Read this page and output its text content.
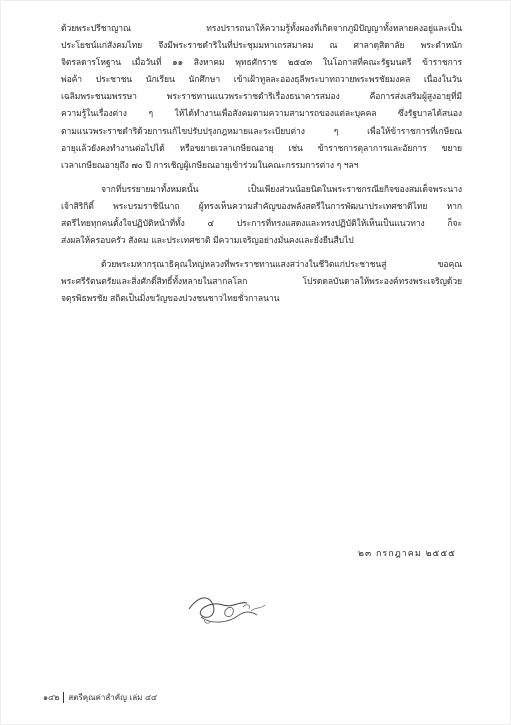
ด้วยพระปรีชาญาณ ทรงปรารถนาให้ความรู้ทั้งผองที่เกิดจากภูมิปัญญาทั้งหลายคงอยู่และเป็น
ประโยชน์แก่สังคมไทย จึงมีพระราชดำริในที่ประชุมมหาเถรสมาคม ณ ศาลาดุสิดาลัย พระตำหนัก
จิตรลดารโหฐาน เมื่อวันที่ ๑๑ สิงหาคม พุทธศักราช ๒๕๔๓ ในโอกาสที่คณะรัฐมนตรี ข้าราชการ
พ่อค้า ประชาชน นักเรียน นักศึกษา เข้าเฝ้าทูลละอองธุลีพระบาทถวายพระพรชัยมงคล เนื่องในวัน
เฉลิมพระชนมพรรษา พระราชทานแนวพระราชดำริเรื่องธนาคารสมอง คือการส่งเสริมผู้สูงอายุที่มี
ความรู้ในเรื่องต่าง ๆ ให้ได้ทำงานเพื่อสังคมตามความสามารถของแต่ละบุคคล ซึ่งรัฐบาลได้สนอง
ตามแนวพระราชดำริด้วยการแก้ไขปรับปรุงกฎหมายและระเบียบต่าง ๆ เพื่อให้ข้าราชการที่เกษียณ
อายุแล้วยังคงทำงานต่อไปได้ หรือขยายเวลาเกษียณอายุ เช่น ข้าราชการตุลาการและอัยการ ขยาย
เวลาเกษียณอายุถึง ๗๐ ปี การเชิญผู้เกษียณอายุเข้าร่วมในคณะกรรมการต่าง ๆ ฯลฯ
จากที่บรรยายมาทั้งหมดนั้น เป็นเพียงส่วนน้อยนิดในพระราชกรณียกิจของสมเด็จพระนาง
เจ้าสิริกิติ์ พระบรมราชินีนาถ ผู้ทรงเห็นความสำคัญของพลังสตรีในการพัฒนาประเทศชาติไทย หาก
สตรีไทยทุกคนตั้งใจปฏิบัติหน้าที่ทั้ง ๔ ประการที่ทรงแสดงและทรงปฏิบัติให้เห็นเป็นแนวทาง ก็จะ
ส่งผลให้ครอบครัว สังคม และประเทศชาติ มีความเจริญอย่างมั่นคงและยั่งยืนสืบไป
ด้วยพระมหากรุณาธิคุณใหญ่หลวงที่พระราชทานแสงสว่างในชีวิตแก่ประชาชนสู่ ขอคุณ
พระศรีรัตนตรัยและสิ่งศักดิ์สิทธิ์ทั้งหลายในสากลโลก โปรดดลบันดาลให้พระองค์ทรงพระเจริญด้วย
จตุรพิธพรชัย สถิตเป็นมิ่งขวัญของปวงชนชาวไทยชั่วกาลนาน
๒๓ กรกฎาคม ๒๕๕๕
๑๔๒ สตรีคุณค่าสำคัญ เล่ม ๔๔
